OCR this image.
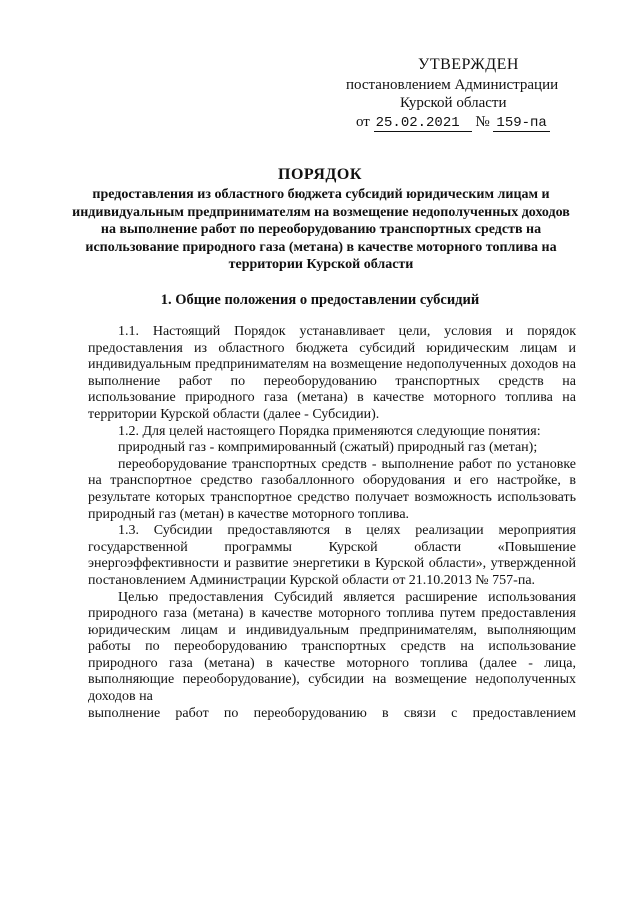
УТВЕРЖДЕН
постановлением Администрации
Курской области
от 25.02.2021 № 159-па
ПОРЯДОК
предоставления из областного бюджета субсидий юридическим лицам и индивидуальным предпринимателям на возмещение недополученных доходов на выполнение работ по переоборудованию транспортных средств на использование природного газа (метана) в качестве моторного топлива на территории Курской области
1. Общие положения о предоставлении субсидий

1.1. Настоящий Порядок устанавливает цели, условия и порядок предоставления из областного бюджета субсидий юридическим лицам и индивидуальным предпринимателям на возмещение недополученных доходов на выполнение работ по переоборудованию транспортных средств на использование природного газа (метана) в качестве моторного топлива на территории Курской области (далее - Субсидии).

1.2. Для целей настоящего Порядка применяются следующие понятия:

природный газ - компримированный (сжатый) природный газ (метан);

переоборудование транспортных средств - выполнение работ по установке на транспортное средство газобаллонного оборудования и его настройке, в результате которых транспортное средство получает возможность использовать природный газ (метан) в качестве моторного топлива.

1.3. Субсидии предоставляются в целях реализации мероприятия государственной программы Курской области «Повышение энергоэффективности и развитие энергетики в Курской области», утвержденной постановлением Администрации Курской области от 21.10.2013 № 757-па.

Целью предоставления Субсидий является расширение использования природного газа (метана) в качестве моторного топлива путем предоставления юридическим лицам и индивидуальным предпринимателям, выполняющим работы по переоборудованию транспортных средств на использование природного газа (метана) в качестве моторного топлива (далее - лица, выполняющие переоборудование), субсидии на возмещение недополученных доходов на

выполнение работ по переоборудованию в связи с предоставлением
